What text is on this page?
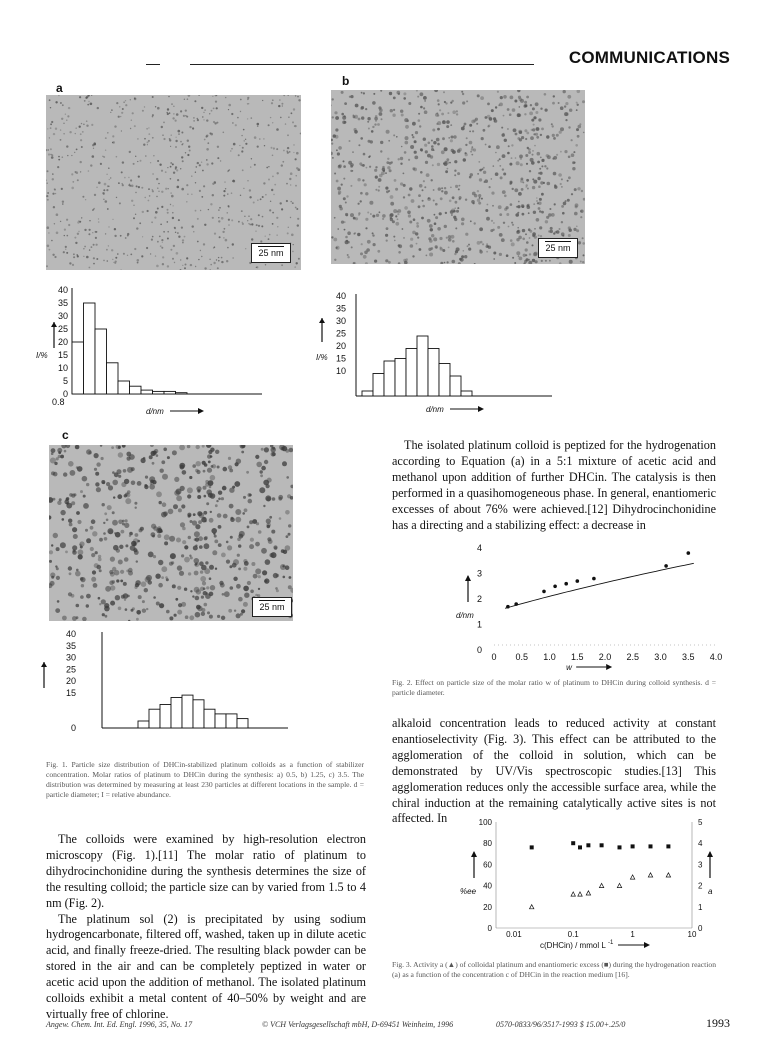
COMMUNICATIONS
a	b
c
25 nm	25 nm
25 nm
40
35
30
25
20
15
10
5
0
I/%
0.8
d/nm
40
35
30
25
20
15
10
I/%
d/nm
40
35
30
25
20
15
0
Fig. 1. Particle size distribution of DHCin-stabilized platinum colloids as a function of stabilizer concentration. Molar ratios of platinum to DHCin during the synthesis: a) 0.5, b) 1.25, c) 3.5. The distribution was determined by measuring at least 230 particles at different locations in the sample. d = particle diameter; I = relative abundance.

The colloids were examined by high-resolution electron microscopy (Fig. 1).[11] The molar ratio of platinum to dihydrocinchonidine during the synthesis determines the size of the resulting colloid; the particle size can by varied from 1.5 to 4 nm (Fig. 2).

The platinum sol (2) is precipitated by using sodium hydrogencarbonate, filtered off, washed, taken up in dilute acetic acid, and finally freeze-dried. The resulting black powder can be stored in the air and can be completely peptized in water or acetic acid upon the addition of methanol. The isolated platinum colloids exhibit a metal content of 40–50% by weight and are virtually free of chlorine.

The isolated platinum colloid is peptized for the hydrogenation according to Equation (a) in a 5:1 mixture of acetic acid and methanol upon addition of further DHCin. The catalysis is then performed in a quasihomogeneous phase. In general, enantiomeric excesses of about 76% were achieved.[12] Dihydrocinchonidine has a directing and a stabilizing effect: a decrease in
0 0.5 1.0 1.5 2.0 2.5 3.0 3.5 4.0
0
1
2
3
4
d/nm
w
Fig. 2. Effect on particle size of the molar ratio w of platinum to DHCin during colloid synthesis. d = particle diameter.
alkaloid concentration leads to reduced activity at constant enantioselectivity (Fig. 3). This effect can be attributed to the agglomeration of the colloid in solution, which can be demonstrated by UV/Vis spectroscopic studies.[13] This agglomeration reduces only the accessible surface area, while the chiral induction at the remaining catalytically active sites is not affected. In
0
20
40
60
80
100
0
1
2
3
4
5
0.01	0.1	1	10
%ee	a
c(DHCin) / mmol L -1
Fig. 3. Activity a (▲) of colloidal platinum and enantiomeric excess (■) during the hydrogenation reaction (a) as a function of the concentration c of DHCin in the reaction medium [16].
Angew. Chem. Int. Ed. Engl. 1996, 35, No. 17	© VCH Verlagsgesellschaft mbH, D-69451 Weinheim, 1996	0570-0833/96/3517-1993 $ 15.00+.25/0	1993
